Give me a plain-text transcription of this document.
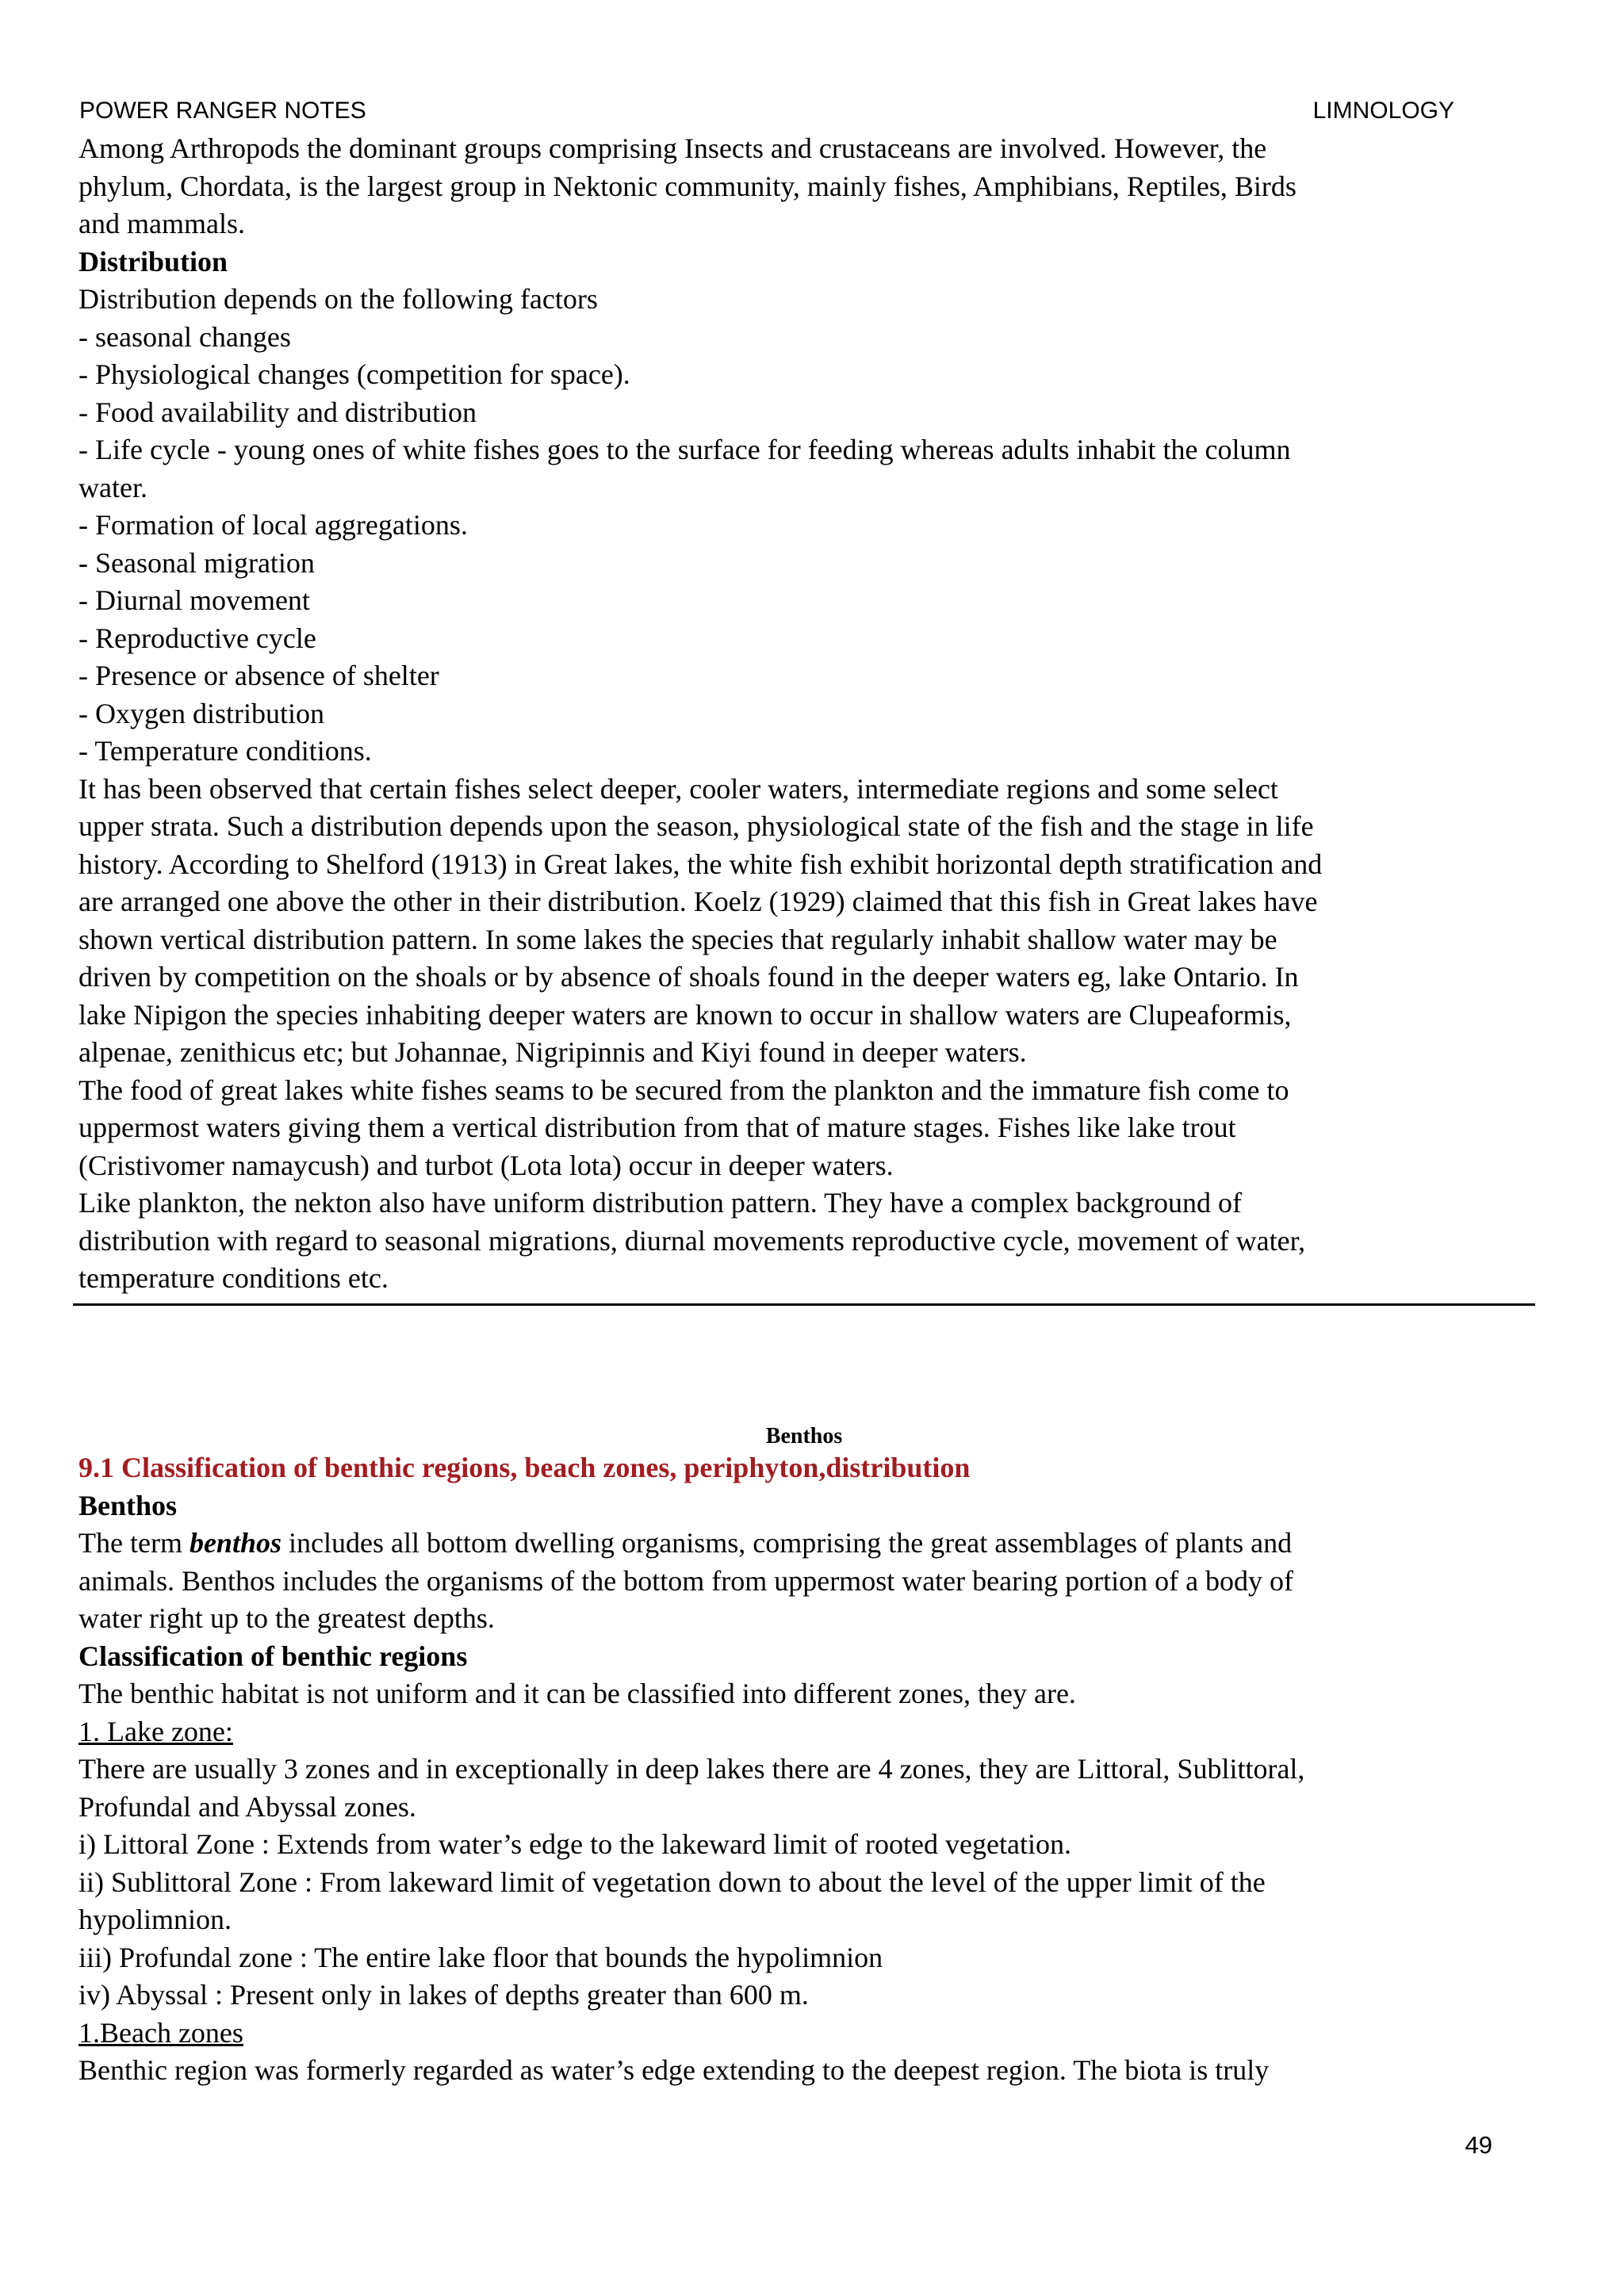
POWER RANGER NOTES	LIMNOLOGY
Among Arthropods the dominant groups comprising Insects and crustaceans are involved. However, the
phylum, Chordata, is the largest group in Nektonic community, mainly fishes, Amphibians, Reptiles, Birds
and mammals.
Distribution
Distribution depends on the following factors
- seasonal changes
- Physiological changes (competition for space).
- Food availability and distribution
- Life cycle - young ones of white fishes goes to the surface for feeding whereas adults inhabit the column
water.
- Formation of local aggregations.
- Seasonal migration
- Diurnal movement
- Reproductive cycle
- Presence or absence of shelter
- Oxygen distribution
- Temperature conditions.
It has been observed that certain fishes select deeper, cooler waters, intermediate regions and some select
upper strata. Such a distribution depends upon the season, physiological state of the fish and the stage in life
history. According to Shelford (1913) in Great lakes, the white fish exhibit horizontal depth stratification and
are arranged one above the other in their distribution. Koelz (1929) claimed that this fish in Great lakes have
shown vertical distribution pattern. In some lakes the species that regularly inhabit shallow water may be
driven by competition on the shoals or by absence of shoals found in the deeper waters eg, lake Ontario. In
lake Nipigon the species inhabiting deeper waters are known to occur in shallow waters are Clupeaformis,
alpenae, zenithicus etc; but Johannae, Nigripinnis and Kiyi found in deeper waters.
The food of great lakes white fishes seams to be secured from the plankton and the immature fish come to
uppermost waters giving them a vertical distribution from that of mature stages. Fishes like lake trout
(Cristivomer namaycush) and turbot (Lota lota) occur in deeper waters.
Like plankton, the nekton also have uniform distribution pattern. They have a complex background of
distribution with regard to seasonal migrations, diurnal movements reproductive cycle, movement of water,
temperature conditions etc.
Benthos
9.1 Classification of benthic regions, beach zones, periphyton,distribution
Benthos
The term benthos includes all bottom dwelling organisms, comprising the great assemblages of plants and
animals. Benthos includes the organisms of the bottom from uppermost water bearing portion of a body of
water right up to the greatest depths.
Classification of benthic regions
The benthic habitat is not uniform and it can be classified into different zones, they are.
1. Lake zone:
There are usually 3 zones and in exceptionally in deep lakes there are 4 zones, they are Littoral, Sublittoral,
Profundal and Abyssal zones.
i) Littoral Zone : Extends from water’s edge to the lakeward limit of rooted vegetation.
ii) Sublittoral Zone : From lakeward limit of vegetation down to about the level of the upper limit of the
hypolimnion.
iii) Profundal zone : The entire lake floor that bounds the hypolimnion
iv) Abyssal : Present only in lakes of depths greater than 600 m.
1.Beach zones
Benthic region was formerly regarded as water’s edge extending to the deepest region. The biota is truly
49
